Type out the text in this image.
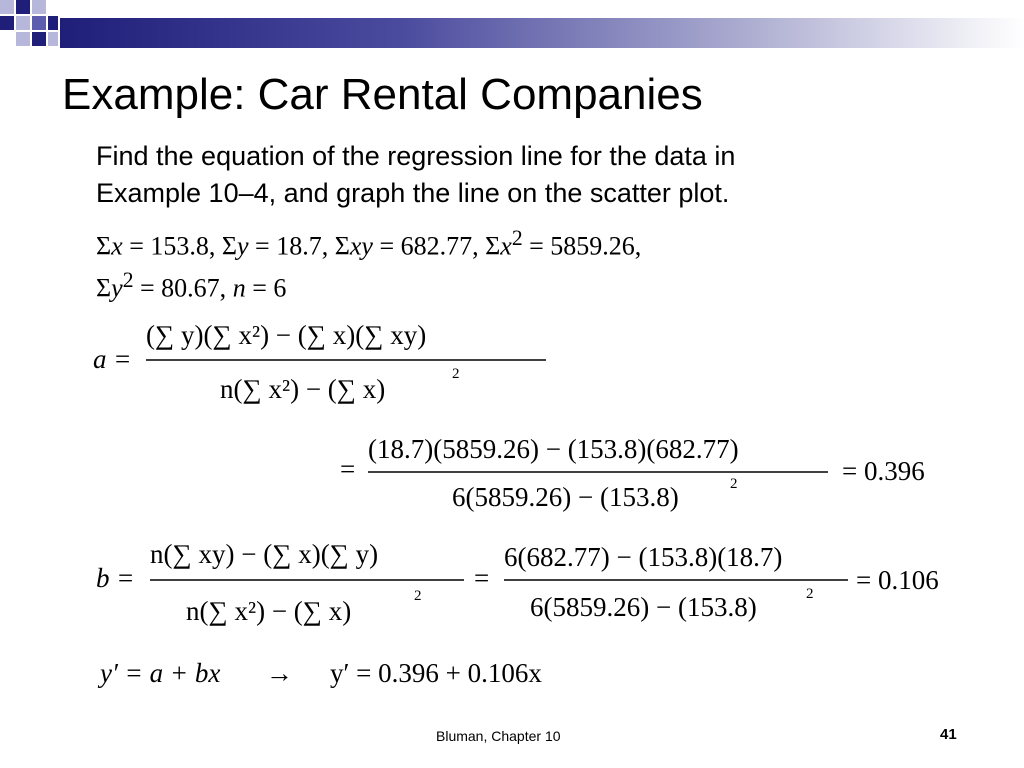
Example: Car Rental Companies
Find the equation of the regression line for the data in
Example 10–4, and graph the line on the scatter plot.
Σx = 153.8, Σy = 18.7, Σxy = 682.77, $\Sigma x^2 = 5859.26$,
$\Sigma y^2 = 80.67$, n = 6
a =
(∑ y)(∑ x²) − (∑ x)(∑ xy)
n(∑ x²) − (∑ x)	2
=
(18.7)(5859.26) − (153.8)(682.77)
6(5859.26) − (153.8)	2	= 0.396
b =
n(∑ xy) − (∑ x)(∑ y)
n(∑ x²) − (∑ x)	2
=
6(682.77) − (153.8)(18.7)
6(5859.26) − (153.8)	2 = 0.106
y′ = a + bx → y′ = 0.396 + 0.106x
Bluman, Chapter 10	41
